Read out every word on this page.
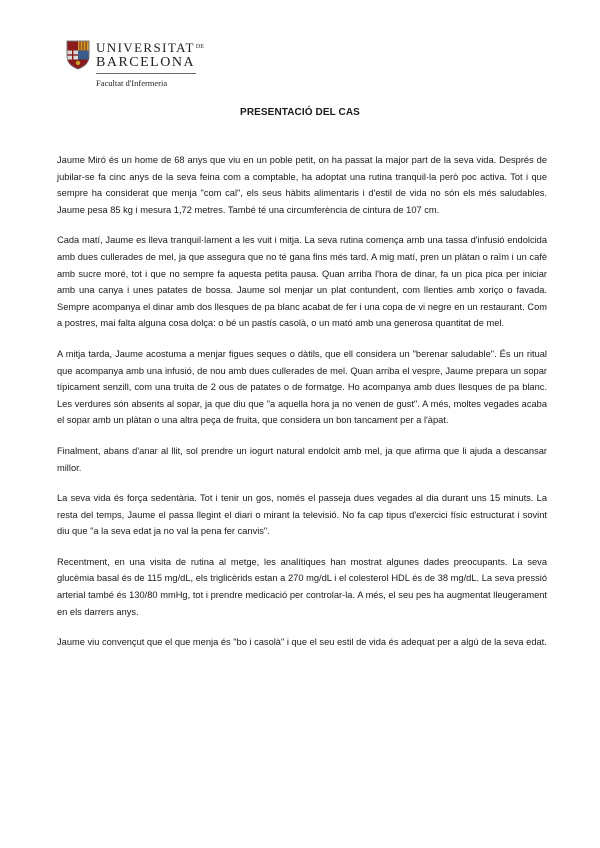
$UNIVERSITAT^{DE}$
BARCELONA
Facultat d'Infermeria
PRESENTACIÓ DEL CAS

Jaume Miró és un home de 68 anys que viu en un poble petit, on ha passat la major part de la seva vida. Després de jubilar-se fa cinc anys de la seva feina com a comptable, ha adoptat una rutina tranquil·la però poc activa. Tot i que sempre ha considerat que menja "com cal", els seus hàbits alimentaris i d'estil de vida no són els més saludables. Jaume pesa 85 kg i mesura 1,72 metres. També té una circumferència de cintura de 107 cm.

Cada matí, Jaume es lleva tranquil·lament a les vuit i mitja. La seva rutina comença amb una tassa d'infusió endolcida amb dues cullerades de mel, ja que assegura que no té gana fins més tard. A mig matí, pren un plàtan o raïm i un cafè amb sucre moré, tot i que no sempre fa aquesta petita pausa. Quan arriba l'hora de dinar, fa un pica pica per iniciar amb una canya i unes patates de bossa. Jaume sol menjar un plat contundent, com llenties amb xoriço o favada. Sempre acompanya el dinar amb dos llesques de pa blanc acabat de fer i una copa de vi negre en un restaurant. Com a postres, mai falta alguna cosa dolça: o bé un pastís casolà, o un mató amb una generosa quantitat de mel.

A mitja tarda, Jaume acostuma a menjar figues seques o dàtils, que ell considera un "berenar saludable". És un ritual que acompanya amb una infusió, de nou amb dues cullerades de mel. Quan arriba el vespre, Jaume prepara un sopar típicament senzill, com una truita de 2 ous de patates o de formatge. Ho acompanya amb dues llesques de pa blanc. Les verdures són absents al sopar, ja que diu que "a aquella hora ja no venen de gust". A més, moltes vegades acaba el sopar amb un plàtan o una altra peça de fruita, que considera un bon tancament per a l'àpat.

Finalment, abans d'anar al llit, sol prendre un iogurt natural endolcit amb mel, ja que afirma que li ajuda a descansar millor.

La seva vida és força sedentària. Tot i tenir un gos, només el passeja dues vegades al dia durant uns 15 minuts. La resta del temps, Jaume el passa llegint el diari o mirant la televisió. No fa cap tipus d'exercici físic estructurat i sovint diu que "a la seva edat ja no val la pena fer canvis".

Recentment, en una visita de rutina al metge, les analítiques han mostrat algunes dades preocupants. La seva glucèmia basal és de 115 mg/dL, els triglicèrids estan a 270 mg/dL i el colesterol HDL és de 38 mg/dL. La seva pressió arterial també és 130/80 mmHg, tot i prendre medicació per controlar-la. A més, el seu pes ha augmentat lleugerament en els darrers anys.

Jaume viu convençut que el que menja és "bo i casolà" i que el seu estil de vida és adequat per a algú de la seva edat.
